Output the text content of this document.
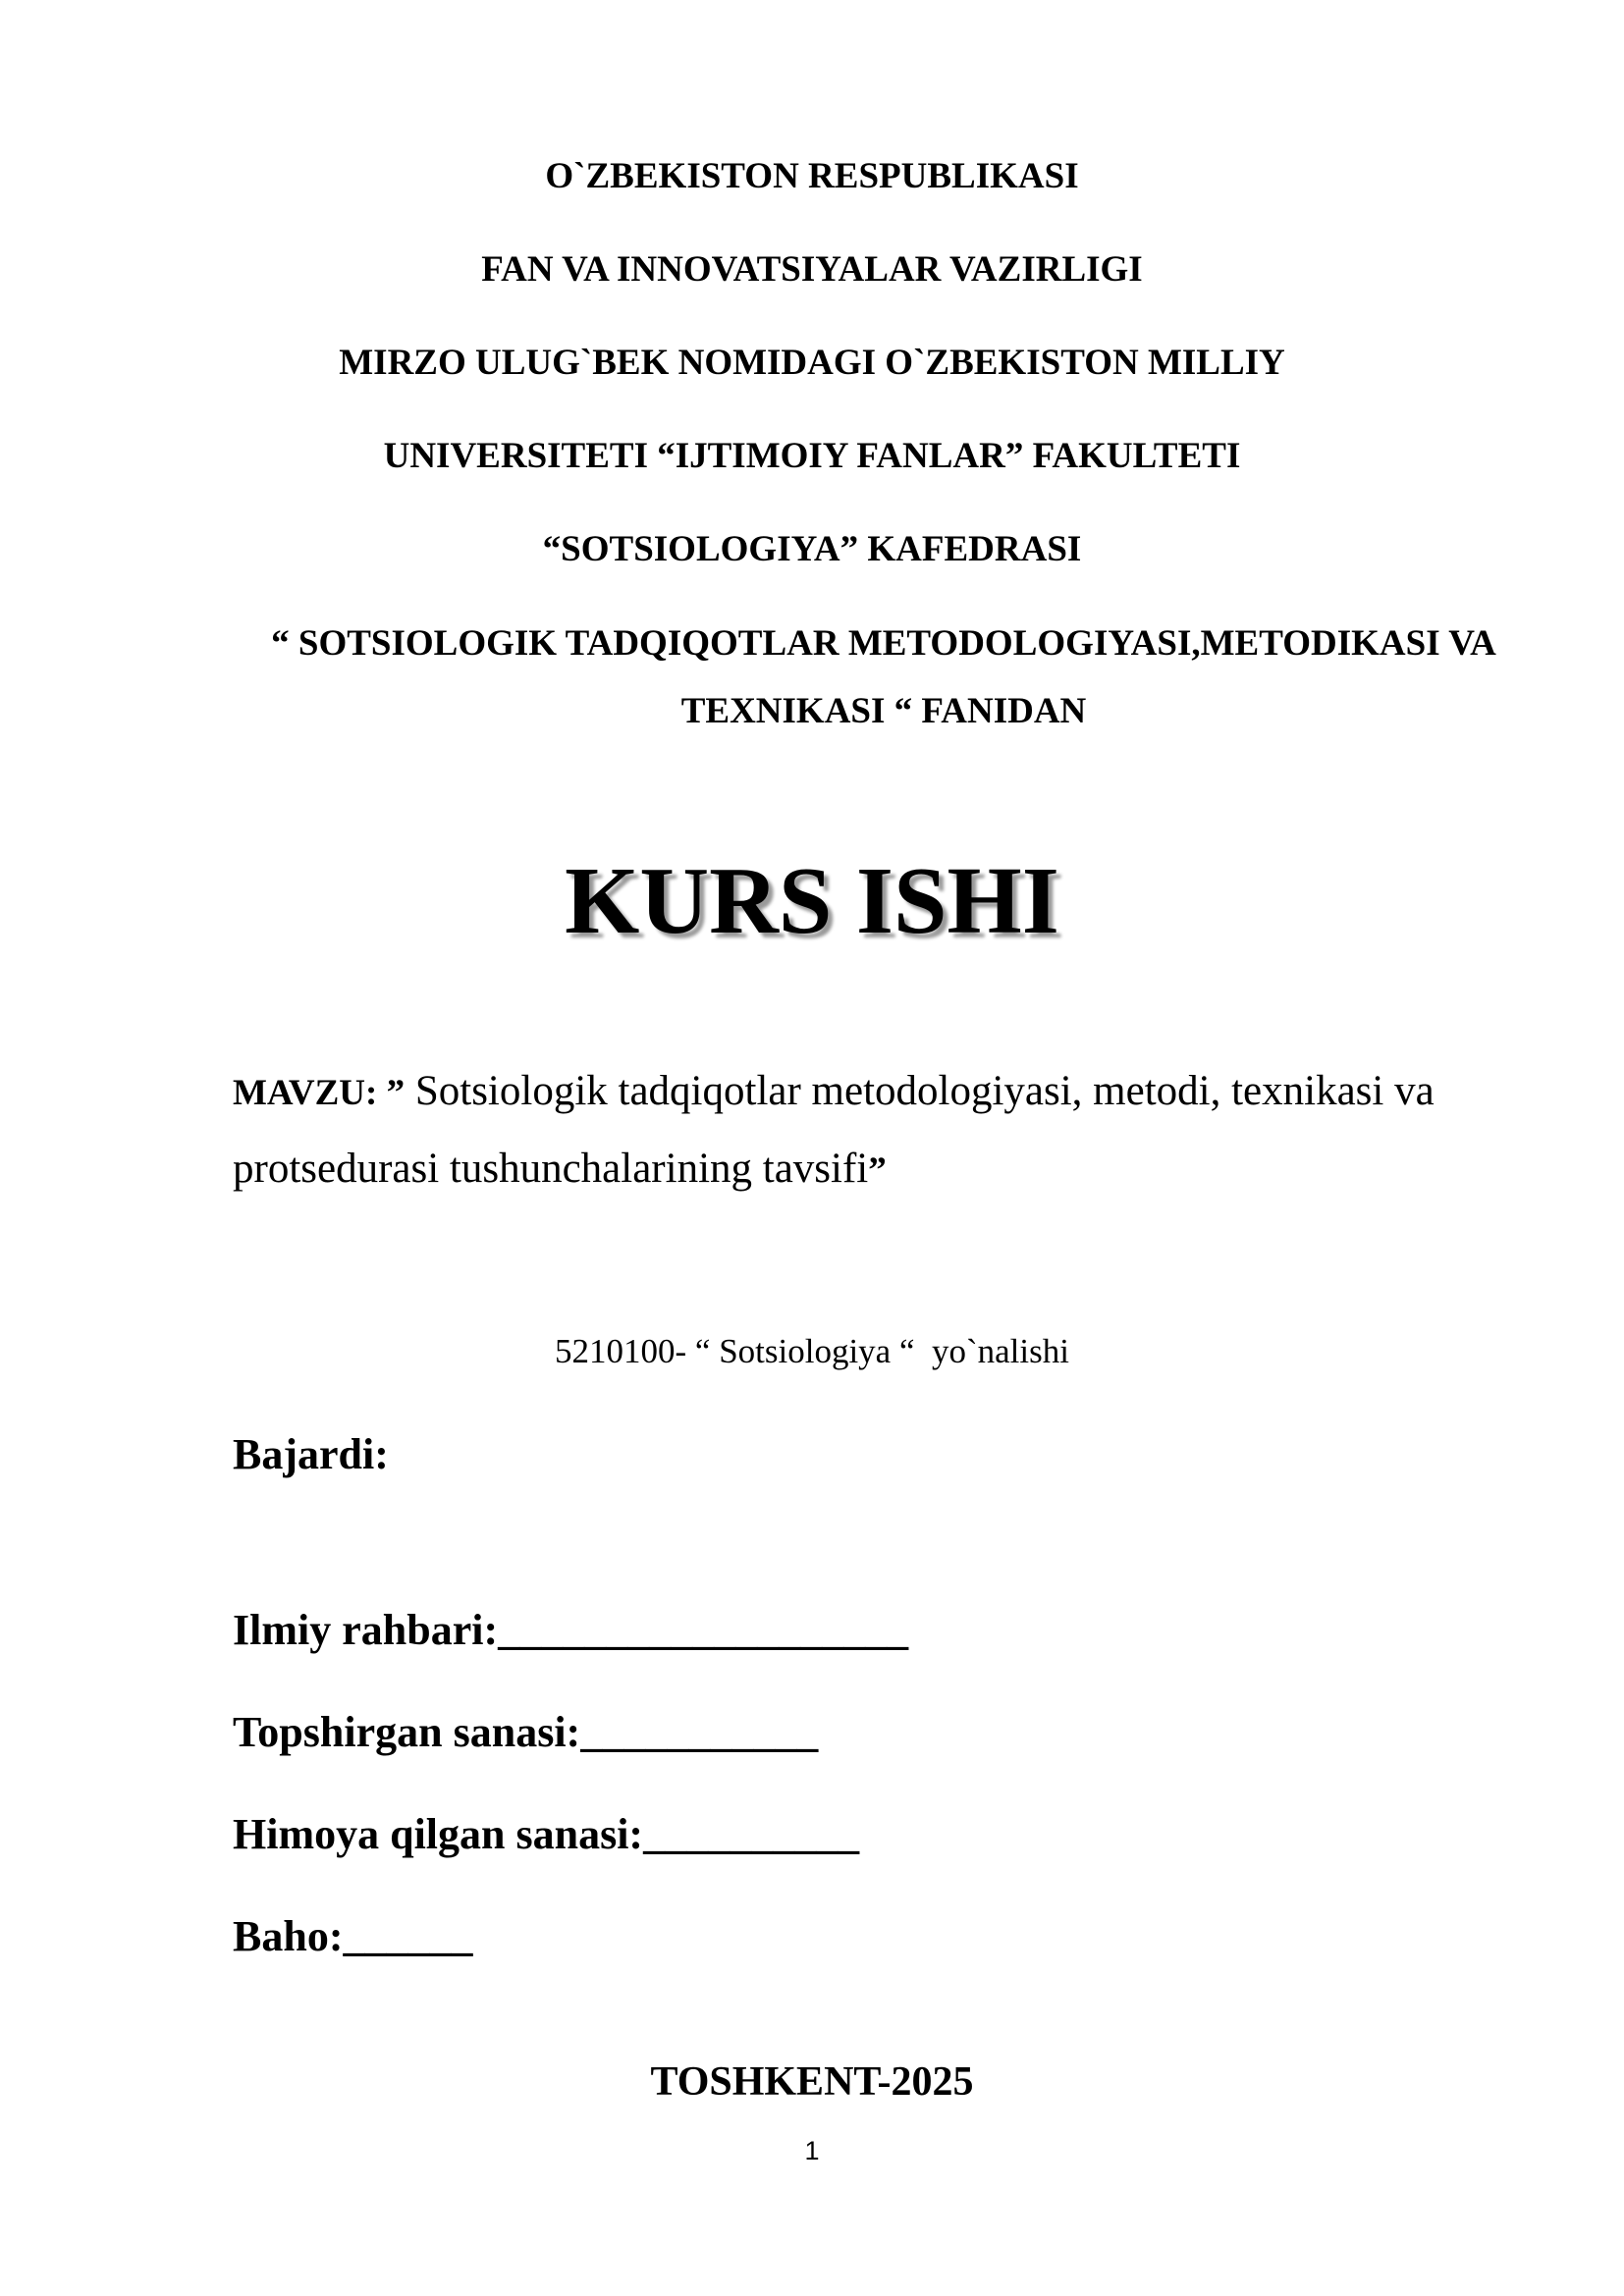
O`ZBEKISTON RESPUBLIKASI
FAN VA INNOVATSIYALAR VAZIRLIGI
MIRZO ULUG`BEK NOMIDAGI O`ZBEKISTON MILLIY
UNIVERSITETI “IJTIMOIY FANLAR” FAKULTETI
“SOTSIOLOGIYA” KAFEDRASI
“ SOTSIOLOGIK TADQIQOTLAR METODOLOGIYASI,METODIKASI VA TEXNIKASI “ FANIDAN
KURS ISHI
MAVZU: ” Sotsiologik tadqiqotlar metodologiyasi, metodi, texnikasi va protsedurasi tushunchalarining tavsifi”
5210100- “ Sotsiologiya “  yo`nalishi
Bajardi:
Ilmiy rahbari:___________________
Topshirgan sanasi:___________
Himoya qilgan sanasi:__________
Baho:______
TOSHKENT-2025
1
